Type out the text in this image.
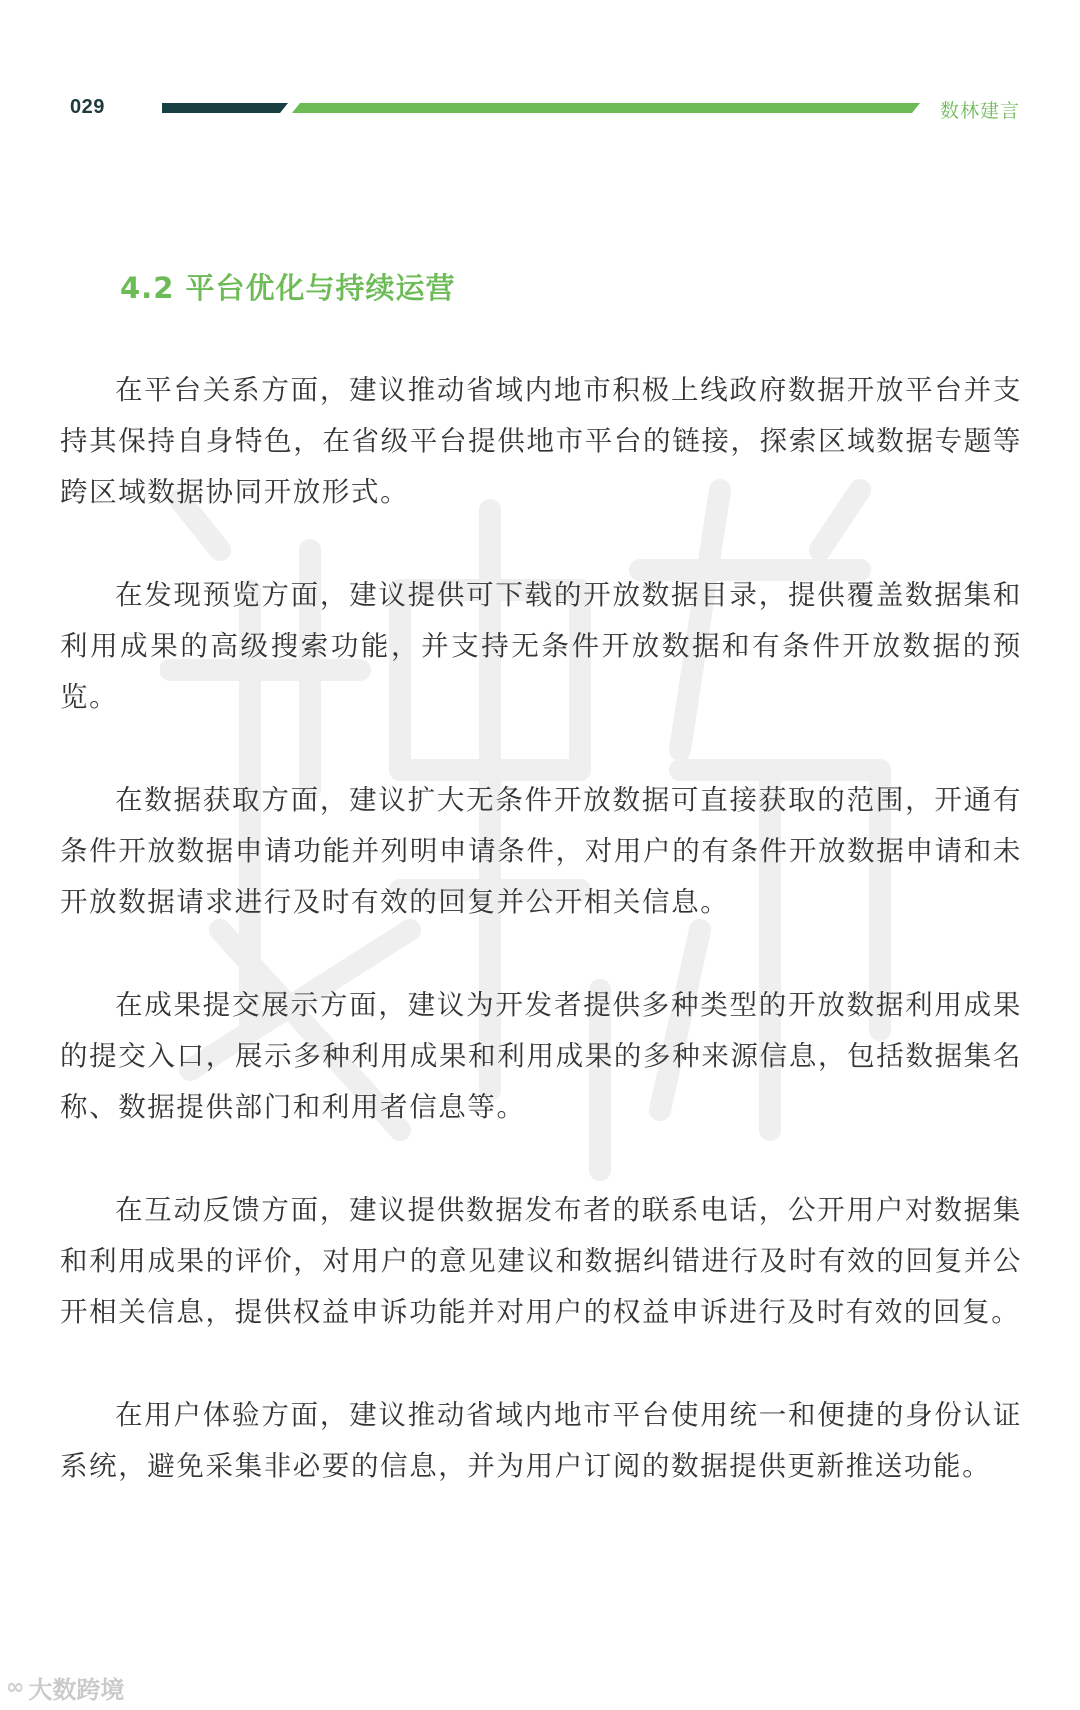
029	数林建言
4.2 平台优化与持续运营

在平台关系方面，建议推动省域内地市积极上线政府数据开放平台并支持其保持自身特色，在省级平台提供地市平台的链接，探索区域数据专题等跨区域数据协同开放形式。

在发现预览方面，建议提供可下载的开放数据目录，提供覆盖数据集和利用成果的高级搜索功能，并支持无条件开放数据和有条件开放数据的预览。

在数据获取方面，建议扩大无条件开放数据可直接获取的范围，开通有条件开放数据申请功能并列明申请条件，对用户的有条件开放数据申请和未开放数据请求进行及时有效的回复并公开相关信息。

在成果提交展示方面，建议为开发者提供多种类型的开放数据利用成果的提交入口，展示多种利用成果和利用成果的多种来源信息，包括数据集名称、数据提供部门和利用者信息等。

在互动反馈方面，建议提供数据发布者的联系电话，公开用户对数据集和利用成果的评价，对用户的意见建议和数据纠错进行及时有效的回复并公开相关信息，提供权益申诉功能并对用户的权益申诉进行及时有效的回复。

在用户体验方面，建议推动省域内地市平台使用统一和便捷的身份认证系统，避免采集非必要的信息，并为用户订阅的数据提供更新推送功能。

∞ 大数跨境
